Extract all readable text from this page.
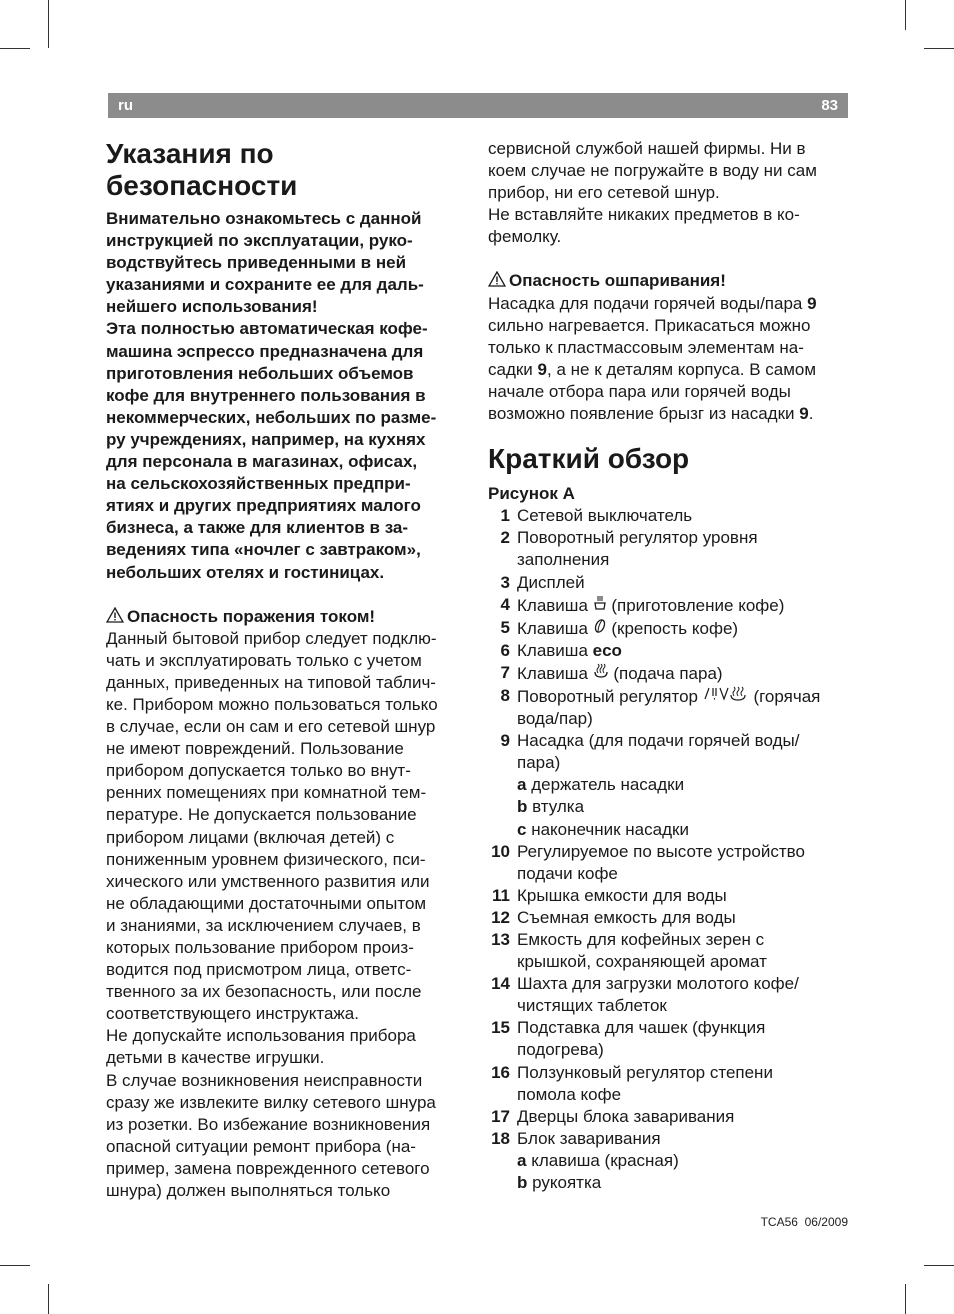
ru	83
Указания по
безопасности
Внимательно ознакомьтесь с данной
инструкцией по эксплуатации, руко-
водствуйтесь приведенными в ней
указаниями и сохраните ее для даль-
нейшего использования!
Эта полностью автоматическая кофе-
машина эспрессо предназначена для
приготовления небольших объемов
кофе для внутреннего пользования в
некоммерческих, небольших по разме-
ру учреждениях, например, на кухнях
для персонала в магазинах, офисах,
на сельскохозяйственных предпри-
ятиях и других предприятиях малого
бизнеса, а также для клиентов в за-
ведениях типа «ночлег с завтраком»,
небольших отелях и гостиницах.
Опасность поражения током!
Данный бытовой прибор следует подклю-
чать и эксплуатировать только с учетом
данных, приведенных на типовой таблич-
ке. Прибором можно пользоваться только
в случае, если он сам и его сетевой шнур
не имеют повреждений. Пользование
прибором допускается только во внут-
ренних помещениях при комнатной тем-
пературе. Не допускается пользование
прибором лицами (включая детей) с
пониженным уровнем физического, пси-
хического или умственного развития или
не обладающими достаточными опытом
и знаниями, за исключением случаев, в
которых пользование прибором произ-
водится под присмотром лица, ответс-
твенного за их безопасность, или после
соответствующего инструктажа.
Не допускайте использования прибора
детьми в качестве игрушки.
В случае возникновения неисправности
сразу же извлеките вилку сетевого шнура
из розетки. Во избежание возникновения
опасной ситуации ремонт прибора (на-
пример, замена поврежденного сетевого
шнура) должен выполняться только
сервисной службой нашей фирмы. Ни в
коем случае не погружайте в воду ни сам
прибор, ни его сетевой шнур.
Не вставляйте никаких предметов в ко-
фемолку.
Опасность ошпаривания!
Насадка для подачи горячей воды/пара 9
сильно нагревается. Прикасаться можно
только к пластмассовым элементам на-
садки 9, а не к деталям корпуса. В самом
начале отбора пара или горячей воды
возможно появление брызг из насадки 9.
Краткий обзор
Рисунок А
1 Сетевой выключатель
2 Поворотный регулятор уровня
заполнения
3 Дисплей
4 Клавиша  (приготовление кофе)
5 Клавиша  (крепость кофе)
6 Клавиша eco
7 Клавиша  (подача пара)
8 Поворотный регулятор	(горячая
вода/пар)
9 Насадка (для подачи горячей воды/
пара)
a держатель насадки
b втулка
c наконечник насадки
10 Регулируемое по высоте устройство
подачи кофе
11 Крышка емкости для воды
12 Съемная емкость для воды
13 Емкость для кофейных зерен с
крышкой, сохраняющей аромат
14 Шахта для загрузки молотого кофе/
чистящих таблеток
15 Подставка для чашек (функция
подогрева)
16 Ползунковый регулятор степени
помола кофе
17 Дверцы блока заваривания
18 Блок заваривания
a клавиша (красная)
b рукоятка
TCA56 06/2009
